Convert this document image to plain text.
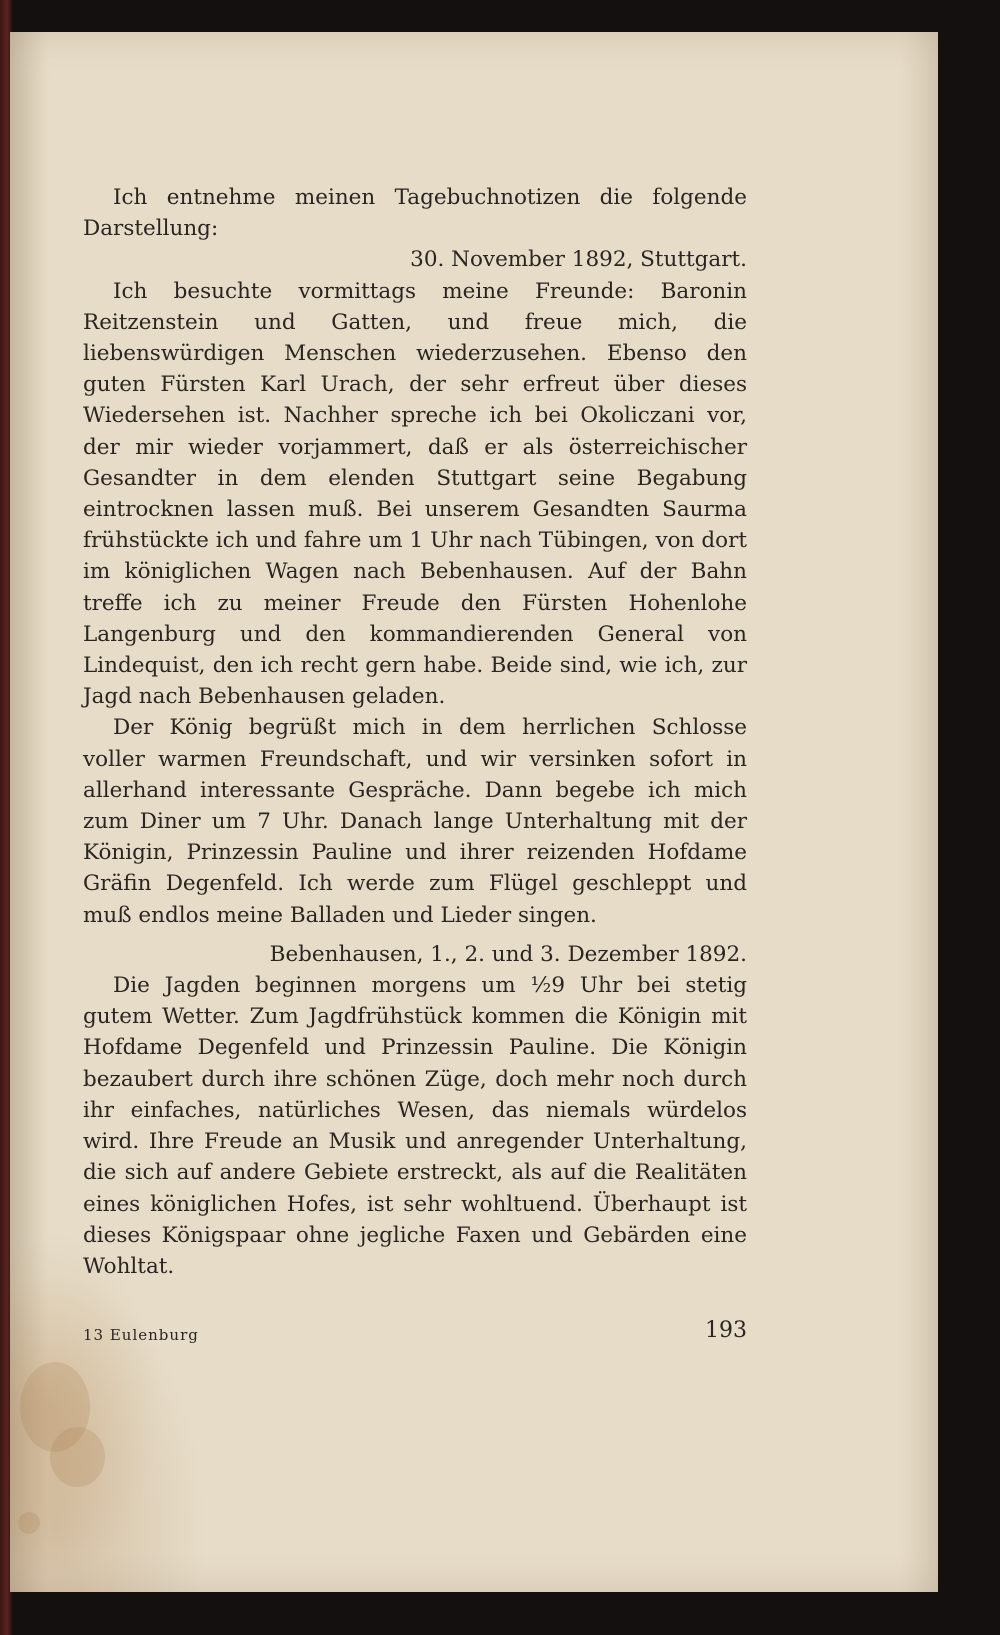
Ich entnehme meinen Tagebuchnotizen die folgende Darstellung:

30. November 1892, Stuttgart.

Ich besuchte vormittags meine Freunde: Baronin Reitzenstein und Gatten, und freue mich, die liebenswürdigen Menschen wiederzusehen. Ebenso den guten Fürsten Karl Urach, der sehr erfreut über dieses Wiedersehen ist. Nachher spreche ich bei Okoliczani vor, der mir wieder vorjammert, daß er als österreichischer Gesandter in dem elenden Stuttgart seine Begabung eintrocknen lassen muß. Bei unserem Gesandten Saurma frühstückte ich und fahre um 1 Uhr nach Tübingen, von dort im königlichen Wagen nach Bebenhausen. Auf der Bahn treffe ich zu meiner Freude den Fürsten Hohenlohe Langenburg und den kommandierenden General von Lindequist, den ich recht gern habe. Beide sind, wie ich, zur Jagd nach Bebenhausen geladen.

Der König begrüßt mich in dem herrlichen Schlosse voller warmen Freundschaft, und wir versinken sofort in allerhand interessante Gespräche. Dann begebe ich mich zum Diner um 7 Uhr. Danach lange Unterhaltung mit der Königin, Prinzessin Pauline und ihrer reizenden Hofdame Gräfin Degenfeld. Ich werde zum Flügel geschleppt und muß endlos meine Balladen und Lieder singen.

Bebenhausen, 1., 2. und 3. Dezember 1892.

Die Jagden beginnen morgens um ½9 Uhr bei stetig gutem Wetter. Zum Jagdfrühstück kommen die Königin mit Hofdame Degenfeld und Prinzessin Pauline. Die Königin bezaubert durch ihre schönen Züge, doch mehr noch durch ihr einfaches, natürliches Wesen, das niemals würdelos wird. Ihre Freude an Musik und anregender Unterhaltung, die sich auf andere Gebiete erstreckt, als auf die Realitäten eines königlichen Hofes, ist sehr wohltuend. Überhaupt ist dieses Königspaar ohne jegliche Faxen und Gebärden eine Wohltat.

13 Eulenburg	193
